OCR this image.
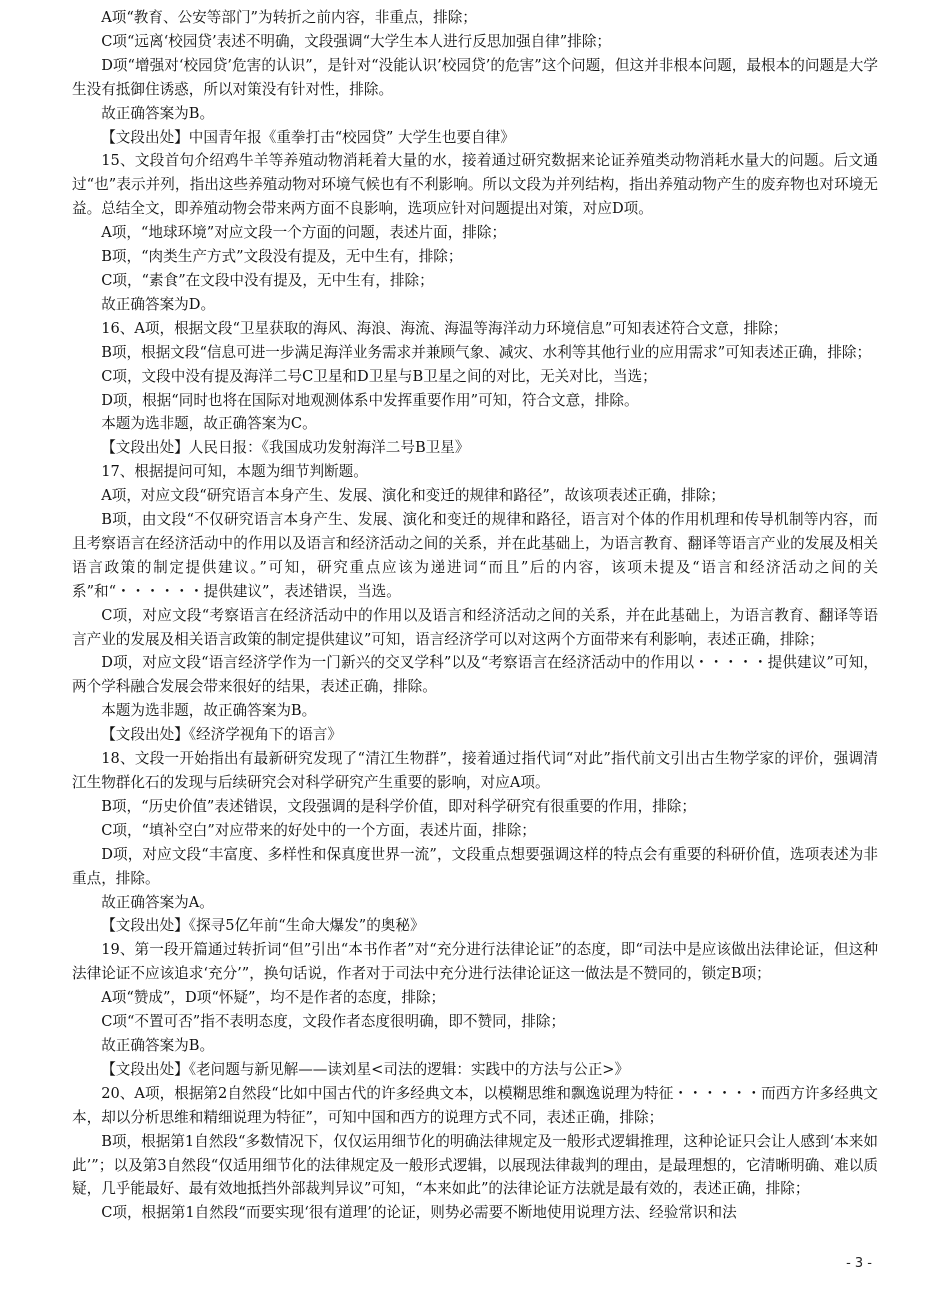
A项“教育、公安等部门”为转折之前内容，非重点，排除；

C项“远离‘校园贷’表述不明确，文段强调“大学生本人进行反思加强自律”排除；

D项“增强对‘校园贷’危害的认识”，是针对“没能认识’校园贷’的危害”这个问题，但这并非根本问题，最根本的问题是大学生没有抵御住诱惑，所以对策没有针对性，排除。

故正确答案为B。

【文段出处】中国青年报《重拳打击“校园贷” 大学生也要自律》

15、文段首句介绍鸡牛羊等养殖动物消耗着大量的水，接着通过研究数据来论证养殖类动物消耗水量大的问题。后文通过“也”表示并列，指出这些养殖动物对环境气候也有不利影响。所以文段为并列结构，指出养殖动物产生的废弃物也对环境无益。总结全文，即养殖动物会带来两方面不良影响，选项应针对问题提出对策，对应D项。

A项，“地球环境”对应文段一个方面的问题，表述片面，排除；

B项，“肉类生产方式”文段没有提及，无中生有，排除；

C项，“素食”在文段中没有提及，无中生有，排除；

故正确答案为D。

16、A项，根据文段“卫星获取的海风、海浪、海流、海温等海洋动力环境信息”可知表述符合文意，排除；

B项，根据文段“信息可进一步满足海洋业务需求并兼顾气象、减灾、水利等其他行业的应用需求”可知表述正确，排除；

C项，文段中没有提及海洋二号C卫星和D卫星与B卫星之间的对比，无关对比，当选；

D项，根据“同时也将在国际对地观测体系中发挥重要作用”可知，符合文意，排除。

本题为选非题，故正确答案为C。

【文段出处】人民日报：《我国成功发射海洋二号B卫星》

17、根据提问可知，本题为细节判断题。

A项，对应文段“研究语言本身产生、发展、演化和变迁的规律和路径”，故该项表述正确，排除；

B项，由文段“不仅研究语言本身产生、发展、演化和变迁的规律和路径，语言对个体的作用机理和传导机制等内容，而且考察语言在经济活动中的作用以及语言和经济活动之间的关系，并在此基础上，为语言教育、翻译等语言产业的发展及相关语言政策的制定提供建议。”可知，研究重点应该为递进词“而且”后的内容，该项未提及“语言和经济活动之间的关系”和“・・・・・・提供建议”，表述错误，当选。

C项，对应文段“考察语言在经济活动中的作用以及语言和经济活动之间的关系，并在此基础上，为语言教育、翻译等语言产业的发展及相关语言政策的制定提供建议”可知，语言经济学可以对这两个方面带来有利影响，表述正确，排除；

D项，对应文段“语言经济学作为一门新兴的交叉学科”以及“考察语言在经济活动中的作用以・・・・・提供建议”可知，两个学科融合发展会带来很好的结果，表述正确，排除。

本题为选非题，故正确答案为B。

【文段出处】《经济学视角下的语言》

18、文段一开始指出有最新研究发现了“清江生物群”，接着通过指代词“对此”指代前文引出古生物学家的评价，强调清江生物群化石的发现与后续研究会对科学研究产生重要的影响，对应A项。

B项，“历史价值”表述错误，文段强调的是科学价值，即对科学研究有很重要的作用，排除；

C项，“填补空白”对应带来的好处中的一个方面，表述片面，排除；

D项，对应文段“丰富度、多样性和保真度世界一流”，文段重点想要强调这样的特点会有重要的科研价值，选项表述为非重点，排除。

故正确答案为A。

【文段出处】《探寻5亿年前“生命大爆发”的奥秘》

19、第一段开篇通过转折词“但”引出“本书作者”对“充分进行法律论证”的态度，即“司法中是应该做出法律论证，但这种法律论证不应该追求‘充分’”，换句话说，作者对于司法中充分进行法律论证这一做法是不赞同的，锁定B项；

A项“赞成”，D项“怀疑”，均不是作者的态度，排除；

C项“不置可否”指不表明态度，文段作者态度很明确，即不赞同，排除；

故正确答案为B。

【文段出处】《老问题与新见解——读刘星<司法的逻辑：实践中的方法与公正>》

20、A项，根据第2自然段“比如中国古代的许多经典文本，以模糊思维和飘逸说理为特征・・・・・・而西方许多经典文本，却以分析思维和精细说理为特征”，可知中国和西方的说理方式不同，表述正确，排除；

B项，根据第1自然段“多数情况下，仅仅运用细节化的明确法律规定及一般形式逻辑推理，这种论证只会让人感到‘本来如此’”；以及第3自然段“仅适用细节化的法律规定及一般形式逻辑，以展现法律裁判的理由，是最理想的，它清晰明确、难以质疑，几乎能最好、最有效地抵挡外部裁判异议”可知，“本来如此”的法律论证方法就是最有效的，表述正确，排除；

C项，根据第1自然段“而要实现‘很有道理’的论证，则势必需要不断地使用说理方法、经验常识和法

- 3 -
